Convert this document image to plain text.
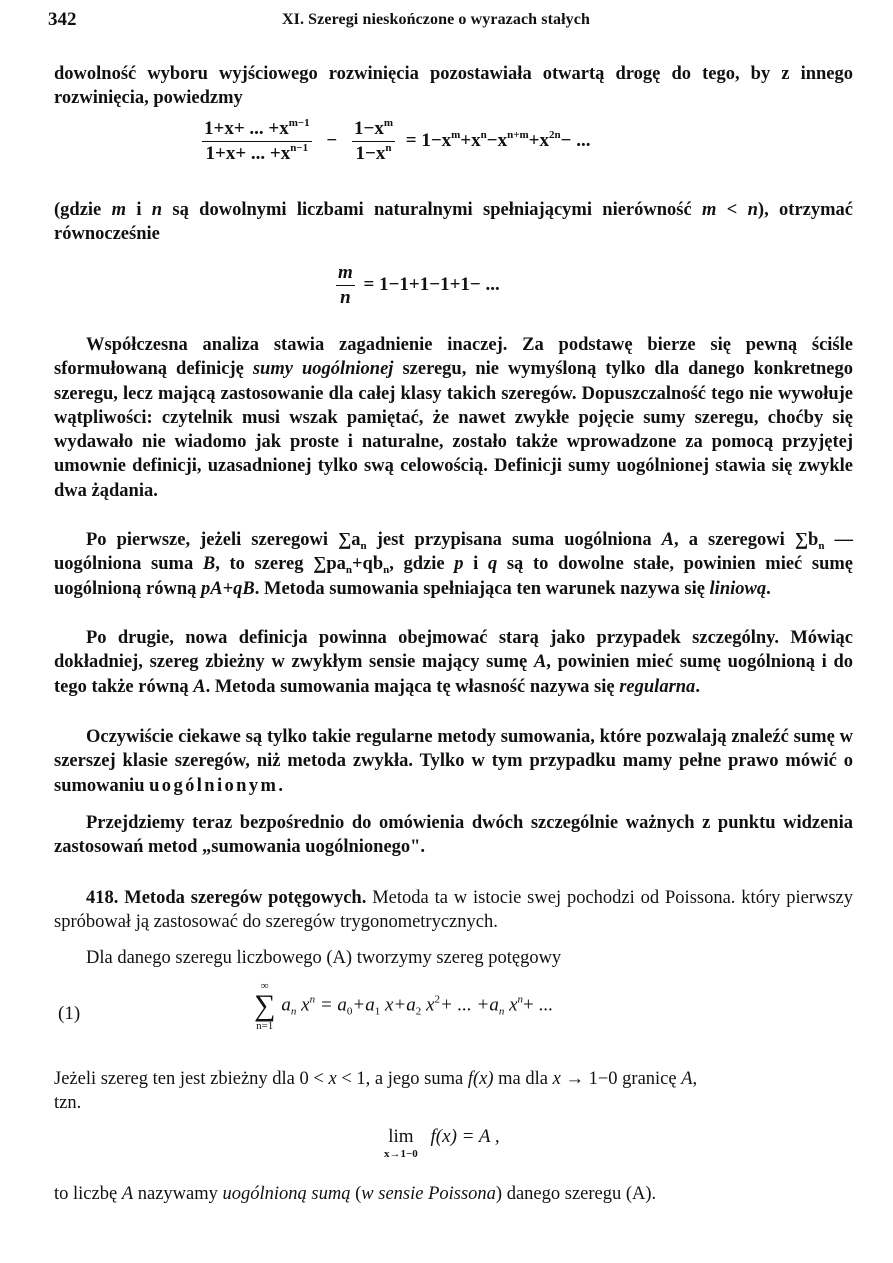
342	XI. Szeregi nieskończone o wyrazach stałych

dowolność wyboru wyjściowego rozwinięcia pozostawiała otwartą drogę do tego, by z innego rozwinięcia, powiedzmy

$\frac{1+x+ ... +x^{m-1}}{1+x+ ... +x^{n-1}} - \frac{1-x^m}{1-x^n} = 1-x^m+x^n-x^{n+m}+x^{2n}-$ ...

(gdzie m i n są dowolnymi liczbami naturalnymi spełniającymi nierówność m < n), otrzymać równocześnie

$\frac{m}{n} = 1-1+1-1+1-$ ...

Współczesna analiza stawia zagadnienie inaczej. Za podstawę bierze się pewną ściśle sformułowaną definicję sumy uogólnionej szeregu, nie wymyśloną tylko dla danego konkretnego szeregu, lecz mającą zastosowanie dla całej klasy takich szeregów. Dopuszczalność tego nie wywołuje wątpliwości: czytelnik musi wszak pamiętać, że nawet zwykłe pojęcie sumy szeregu, choćby się wydawało nie wiadomo jak proste i naturalne, zostało także wprowadzone za pomocą przyjętej umownie definicji, uzasadnionej tylko swą celowością. Definicji sumy uogólnionej stawia się zwykle dwa żądania.

Po pierwsze, jeżeli szeregowi $\sum a_n$ jest przypisana suma uogólniona A, a szeregowi $\sum b_n$ — uogólniona suma B, to szereg $\sum pa_n+qb_n$, gdzie p i q są to dowolne stałe, powinien mieć sumę uogólnioną równą pA+qB. Metoda sumowania spełniająca ten warunek nazywa się liniową.

Po drugie, nowa definicja powinna obejmować starą jako przypadek szczególny. Mówiąc dokładniej, szereg zbieżny w zwykłym sensie mający sumę A, powinien mieć sumę uogólnioną i do tego także równą A. Metoda sumowania mająca tę własność nazywa się regularna.

Oczywiście ciekawe są tylko takie regularne metody sumowania, które pozwalają znaleźć sumę w szerszej klasie szeregów, niż metoda zwykła. Tylko w tym przypadku mamy pełne prawo mówić o sumowaniu uogólnionym.

Przejdziemy teraz bezpośrednio do omówienia dwóch szczególnie ważnych z punktu widzenia zastosowań metod „sumowania uogólnionego".

418. Metoda szeregów potęgowych. Metoda ta w istocie swej pochodzi od Poissona. który pierwszy spróbował ją zastosować do szeregów trygonometrycznych.

Dla danego szeregu liczbowego (A) tworzymy szereg potęgowy

(1)
∞
∑
n=1
$a_n$ $x^n = a_0+a_1$ $x+a_2$ $x^2+$ ... $+a_n$ $x^n+$ ...

Jeżeli szereg ten jest zbieżny dla 0 < x < 1, a jego suma f(x) ma dla x → 1−0 granicę A,
tzn.

lim
x→1−0
f(x) = A ,

to liczbę A nazywamy uogólnioną sumą (w sensie Poissona) danego szeregu (A).
